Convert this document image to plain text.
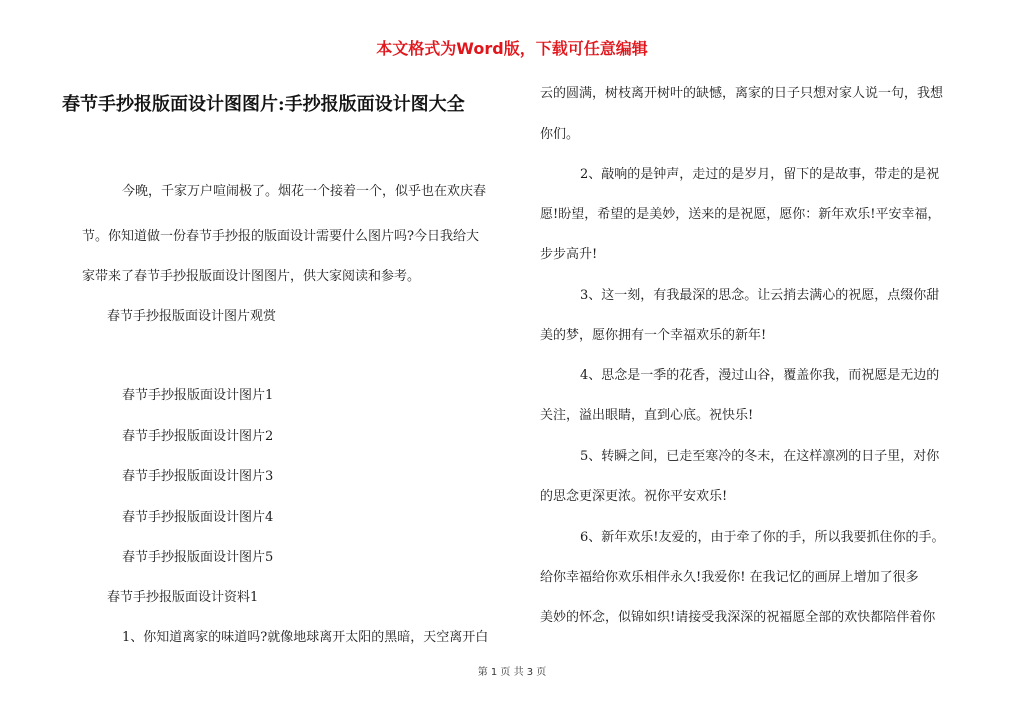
本文格式为Word版，下载可任意编辑
春节手抄报版面设计图图片:手抄报版面设计图大全
今晚，千家万户喧闹极了。烟花一个接着一个，似乎也在欢庆春
节。你知道做一份春节手抄报的版面设计需要什么图片吗?今日我给大
家带来了春节手抄报版面设计图图片，供大家阅读和参考。
春节手抄报版面设计图片观赏
春节手抄报版面设计图片1
春节手抄报版面设计图片2
春节手抄报版面设计图片3
春节手抄报版面设计图片4
春节手抄报版面设计图片5
春节手抄报版面设计资料1
1、你知道离家的味道吗?就像地球离开太阳的黑暗，天空离开白
云的圆满，树枝离开树叶的缺憾，离家的日子只想对家人说一句，我想
你们。
2、敲响的是钟声，走过的是岁月，留下的是故事，带走的是祝
愿!盼望，希望的是美妙，送来的是祝愿，愿你：新年欢乐!平安幸福，
步步高升!
3、这一刻，有我最深的思念。让云捎去满心的祝愿，点缀你甜
美的梦，愿你拥有一个幸福欢乐的新年!
4、思念是一季的花香，漫过山谷，覆盖你我，而祝愿是无边的
关注，溢出眼睛，直到心底。祝快乐!
5、转瞬之间，已走至寒冷的冬末，在这样凛冽的日子里，对你
的思念更深更浓。祝你平安欢乐!
6、新年欢乐!友爱的，由于牵了你的手，所以我要抓住你的手。
给你幸福给你欢乐相伴永久!我爱你! 在我记忆的画屏上增加了很多
美妙的怀念，似锦如织!请接受我深深的祝福愿全部的欢快都陪伴着你
第 1 页 共 3 页
